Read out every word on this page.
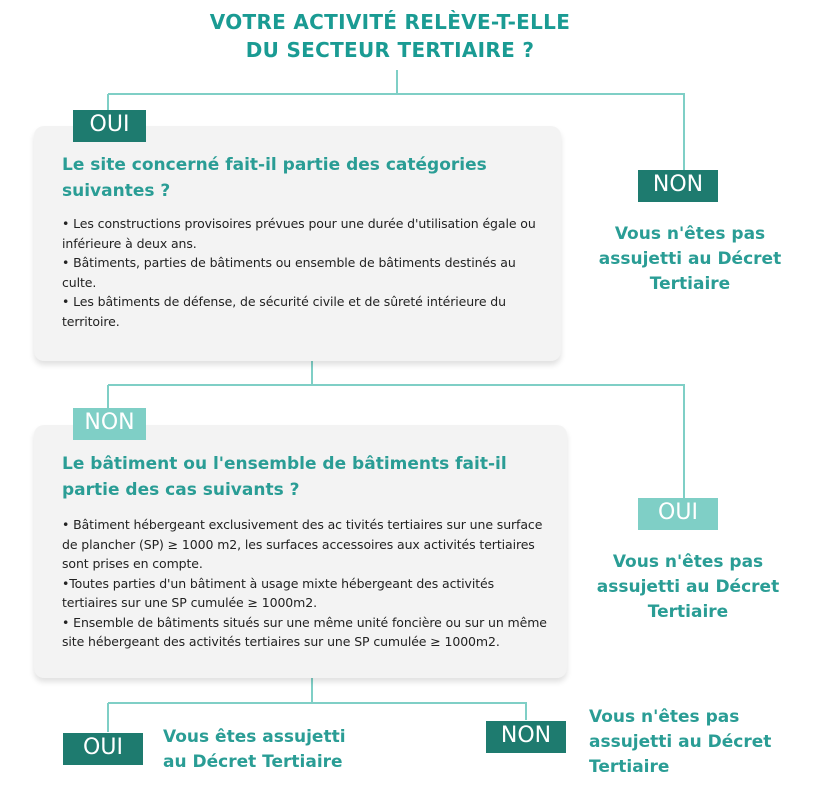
VOTRE ACTIVITÉ RELÈVE-T-ELLE
DU SECTEUR TERTIAIRE ?
Le site concerné fait-il partie des catégories suivantes ?

• Les constructions provisoires prévues pour une durée d'utilisation égale ou inférieure à deux ans.

• Bâtiments, parties de bâtiments ou ensemble de bâtiments destinés au culte.

• Les bâtiments de défense, de sécurité civile et de sûreté intérieure du territoire.

OUI
NON
Vous n'êtes pas assujetti au Décret Tertiaire
Le bâtiment ou l'ensemble de bâtiments fait-il partie des cas suivants ?

• Bâtiment hébergeant exclusivement des ac tivités tertiaires sur une surface de plancher (SP) ≥ 1000 m2, les surfaces accessoires aux activités tertiaires sont prises en compte.

•Toutes parties d'un bâtiment à usage mixte hébergeant des activités tertiaires sur une SP cumulée ≥ 1000m2.

• Ensemble de bâtiments situés sur une même unité foncière ou sur un même site hébergeant des activités tertiaires sur une SP cumulée ≥ 1000m2.

NON
OUI
Vous n'êtes pas assujetti au Décret Tertiaire
OUI	Vous êtes assujetti au Décret Tertiaire
NON
Vous n'êtes pas assujetti au Décret Tertiaire
